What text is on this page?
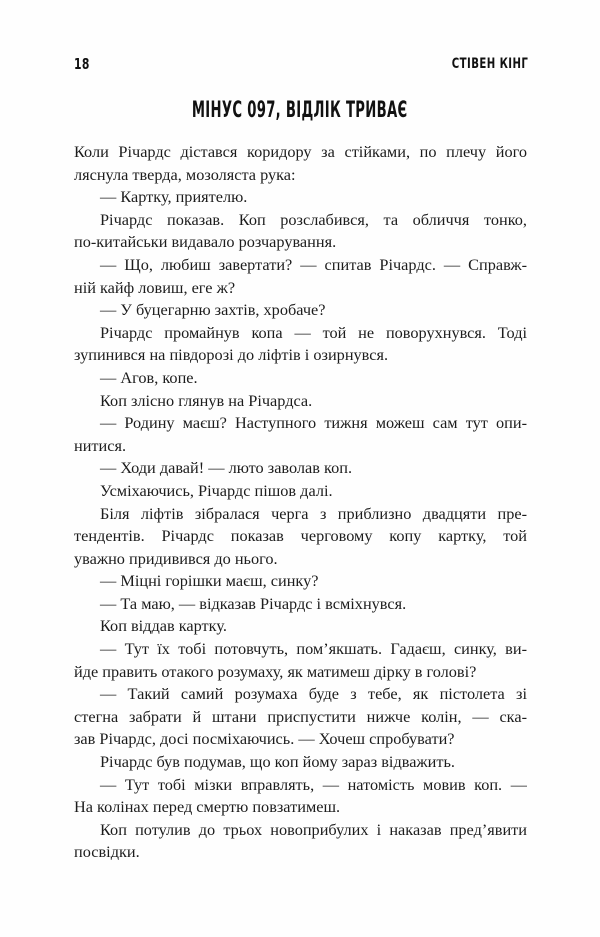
18	СТІВЕН КІНГ
МІНУС 097, ВІДЛІК ТРИВАЄ
Коли Річардс дістався коридору за стійками, по плечу його
ляснула тверда, мозоляста рука:
— Картку, приятелю.
Річардс показав. Коп розслабився, та обличчя тонко,
по-китайськи видавало розчарування.
— Що, любиш завертати? — спитав Річардс. — Справж-
ній кайф ловиш, еге ж?
— У буцегарню захтів, хробаче?
Річардс промайнув копа — той не поворухнувся. Тоді
зупинився на півдорозі до ліфтів і озирнувся.
— Агов, копе.
Коп злісно глянув на Річардса.
— Родину маєш? Наступного тижня можеш сам тут опи-
нитися.
— Ходи давай! — люто заволав коп.
Усміхаючись, Річардс пішов далі.
Біля ліфтів зібралася черга з приблизно двадцяти пре-
тендентів. Річардс показав черговому копу картку, той
уважно придивився до нього.
— Міцні горішки маєш, синку?
— Та маю, — відказав Річардс і всміхнувся.
Коп віддав картку.
— Тут їх тобі потовчуть, пом’якшать. Гадаєш, синку, ви-
йде править отакого розумаху, як матимеш дірку в голові?
— Такий самий розумаха буде з тебе, як пістолета зі
стегна забрати й штани приспустити нижче колін, — ска-
зав Річардс, досі посміхаючись. — Хочеш спробувати?
Річардс був подумав, що коп йому зараз відважить.
— Тут тобі мізки вправлять, — натомість мовив коп. —
На колінах перед смертю повзатимеш.
Коп потулив до трьох новоприбулих і наказав пред’явити
посвідки.
